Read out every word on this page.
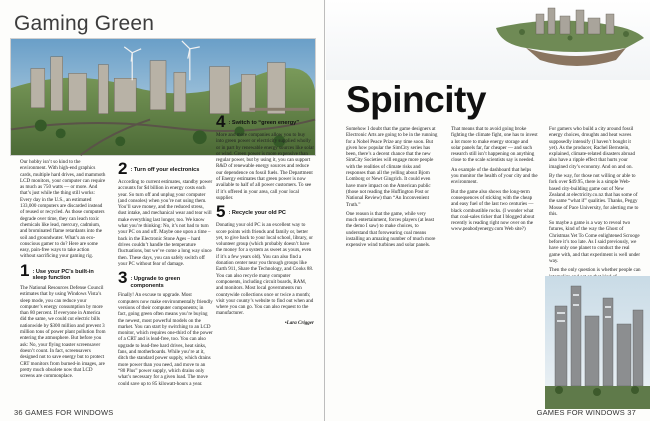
Gaming Green

Our hobby isn’t so kind to the environment. With high-end graphics cards, multiple hard drives, and mammoth LCD monitors, your computer can require as much as 750 watts — or more. And that’s just while the thing still works: Every day in the U.S., an estimated 133,000 computers are discarded instead of reused or recycled. As those computers degrade over time, they can leach toxic chemicals like lead, mercury, cadmium, and brominated flame retardants into the soil and groundwater. What’s an eco-conscious gamer to do? Here are some easy, pain-free ways to take action without sacrificing your gaming rig.

1 : Use your PC’s built-in sleep function

The National Resources Defense Council estimates that by using Windows Vista’s sleep mode, you can reduce your computer’s energy consumption by more than 80 percent. If everyone in America did the same, we could cut electric bills nationwide by $300 million and prevent 3 million tons of power plant pollution from entering the atmosphere. But before you ask: No, your flying toaster screensaver doesn’t count. In fact, screensavers designed not to save energy but to protect CRT monitors from burned-in images, are pretty much obsolete now that LCD screens are commonplace.

2 : Turn off your electronics

According to current estimates, standby power accounts for $4 billion in energy costs each year. So turn off and unplug your computer (and consoles) when you’re not using them. You’ll save money, and the reduced stress, dust intake, and mechanical wear and tear will make everything last longer, too. We know what you’re thinking: No, it’s not bad to turn your PC on and off. Maybe one upon a time – back in the Electronic Stone Ages – hard drives couldn’t handle the temperature fluctuations, but we’ve come a long way since then. These days, you can safely switch off your PC without fear of damage.

3 : Upgrade to green components

Finally! An excuse to upgrade. Most computers now make environmentally friendly versions of their computer components; in fact, going green often means you’re buying the newest, most powerful models on the market. You can start by switching to an LCD monitor, which requires one-third of the power of a CRT and is lead-free, too. You can also upgrade to lead-free hard drives, heat sinks, fans, and motherboards. While you’re at it, ditch the standard power supply, which drains more power than you need, and move to an “80 Plus” power supply, which drains only what’s necessary for a given load. The move could save up to 85 kilowatt-hours a year.

4 : Switch to “green energy”

More and more companies allow you to buy into green power or electricity supplied wholly or in part by renewable energy sources like solar or wind. Green power is more expensive than regular power, but by using it, you can support R&D of renewable energy sources and reduce our dependence on fossil fuels. The Department of Energy estimates that green power is now available to half of all power customers. To see if it’s offered in your area, call your local supplier.

5 : Recycle your old PC

Donating your old PC is an excellent way to score points with friends and family or, better yet, to give back to your local school, library, or volunteer group (which probably doesn’t have the money for a system as sweet as yours, even if it’s a few years old). You can also find a donation center near you through groups like Earth 911, Share the Technology, and Cooks 88. You can also recycle many computer components, including circuit boards, RAM, and monitors. Most local governments run countywide collections once or twice a month; visit your county’s website to find out when and where you can go. You can also request to the manufacturer.

•Lara Crigger

36 GAMES FOR WINDOWS
Spincity

Somehow I doubt that the game designers at Electronic Arts are going to be in the running for a Nobel Peace Prize any time soon. But given how popular the SimCity series has been, there’s a decent chance that the new SimCity Societies will engage more people with the realities of climate risks and responses than all the yelling about Bjorn Lomborg or Newt Gingrich. It could even have more impact on the American public (those not reading the Huffington Post or National Review) than “An Inconvenient Truth.”

One reason is that the game, while very much entertainment, forces players (at least the demo I saw) to make choices, to understand that forswearing coal means installing an amazing number of much more expensive wind turbines and solar panels.

That means that to avoid going broke fighting the climate fight, one has to invest a lot more to make energy storage and solar panels far, far cheaper — and such research still isn’t happening on anything close to the scale scientists say is needed.

An example of the dashboard that helps you monitor the health of your city and the environment.

But the game also shows the long-term consequences of sticking with the cheap and easy fuel of the last two centuries — black combustible rocks. (I wonder what that coal-sales ticker that I blogged about recently is reading right now over on the www.peabodyenergy.com Web site?)

For gamers who build a city around fossil energy choices, droughts and heat waves supposedly intensify (I haven’t bought it yet). As the producer, Rachel Bernstein, explained, climate-related disasters abroad also have a ripple effect that hurts your imagined city’s economy. And on and on.

By the way, for those not willing or able to fork over $49.95, there is a simple Web-based city-building game out of New Zealand at electricity.co.nz that has some of the same “what if” qualities. Thanks, Peggy Mosse of Pace University, for alerting me to this.

So maybe a game is a way to reveal two futures, kind of the way the Ghost of Christmas Yet To Come enlightened Scrooge before it’s too late. As I said previously, we have only one planet to conduct the real game with, and that experiment is well under way.

Then the only question is whether people can

GAMES FOR WINDOWS 37
